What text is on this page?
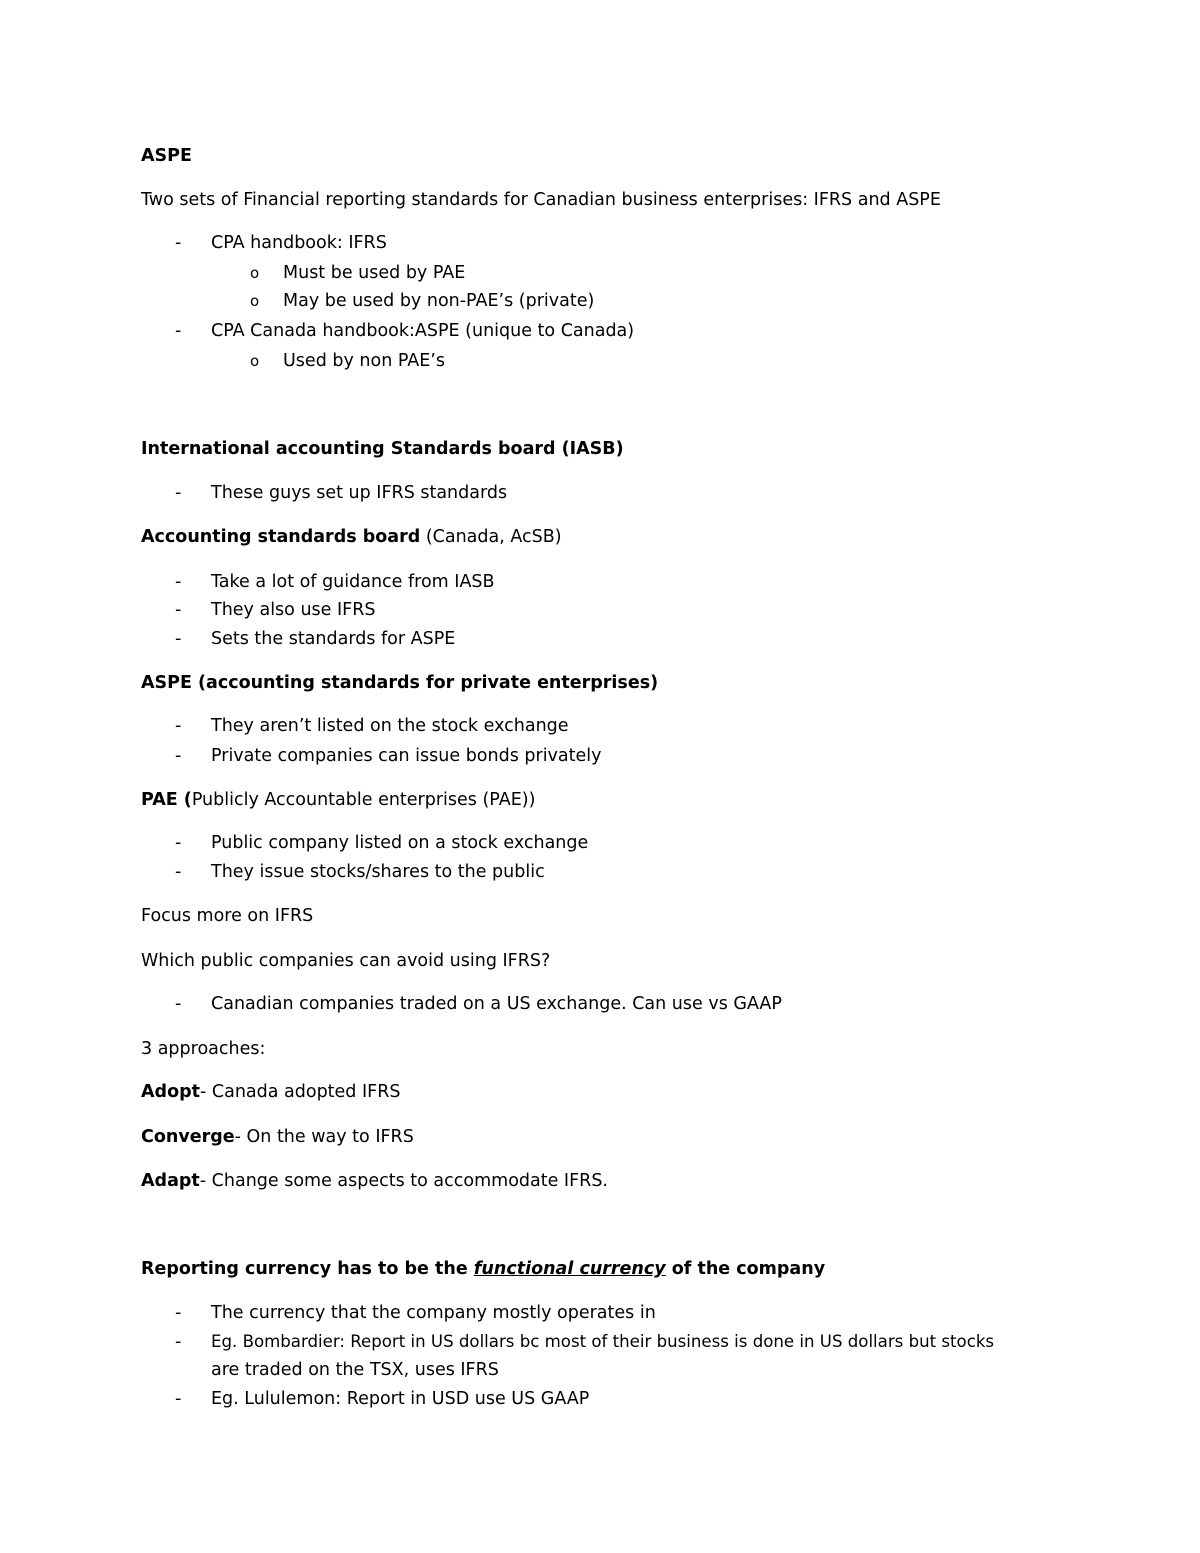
ASPE
Two sets of Financial reporting standards for Canadian business enterprises: IFRS and ASPE
- CPA handbook: IFRS
o Must be used by PAE
o May be used by non-PAE’s (private)
- CPA Canada handbook:ASPE (unique to Canada)
o Used by non PAE’s
International accounting Standards board (IASB)
- These guys set up IFRS standards
Accounting standards board (Canada, AcSB)
- Take a lot of guidance from IASB
- They also use IFRS
- Sets the standards for ASPE
ASPE (accounting standards for private enterprises)
- They aren’t listed on the stock exchange
- Private companies can issue bonds privately
PAE (Publicly Accountable enterprises (PAE))
- Public company listed on a stock exchange
- They issue stocks/shares to the public
Focus more on IFRS
Which public companies can avoid using IFRS?
- Canadian companies traded on a US exchange. Can use vs GAAP
3 approaches:
Adopt- Canada adopted IFRS
Converge- On the way to IFRS
Adapt- Change some aspects to accommodate IFRS.
Reporting currency has to be the functional currency of the company
- The currency that the company mostly operates in
- Eg. Bombardier: Report in US dollars bc most of their business is done in US dollars but stocks
are traded on the TSX, uses IFRS
- Eg. Lululemon: Report in USD use US GAAP
